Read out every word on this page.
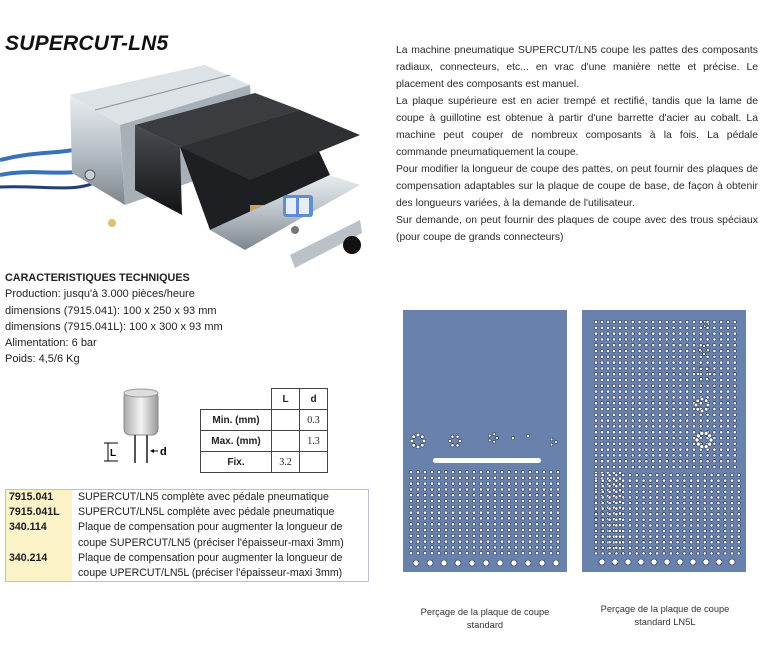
SUPERCUT-LN5	La machine pneumatique SUPERCUT/LN5 coupe les pattes des composants radiaux, connecteurs, etc... en vrac d'une manière nette et précise. Le placement des composants est manuel.

La plaque supérieure est en acier trempé et rectifié, tandis que la lame de coupe à guillotine est obtenue à partir d'une barrette d'acier au cobalt. La machine peut couper de nombreux composants à la fois. La pédale commande pneumatiquement la coupe.

Pour modifier la longueur de coupe des pattes, on peut fournir des plaques de compensation adaptables sur la plaque de coupe de base, de façon à obtenir des longueurs variées, à la demande de l'utilisateur.

Sur demande, on peut fournir des plaques de coupe avec des trous spéciaux (pour coupe de grands connecteurs)

CARACTERISTIQUES TECHNIQUES
Production: jusqu'à 3.000 pièces/heure
dimensions (7915.041): 100 x 250 x 93 mm
dimensions (7915.041L): 100 x 300 x 93 mm
Alimentation: 6 bar
Poids: 4,5/6 Kg
L	d
	L	d
Min. (mm)		0.3
Max. (mm)		1.3
Fix.	3.2	
7915.041	SUPERCUT/LN5 complète avec pédale pneumatique
7915.041L	SUPERCUT/LN5L complète avec pédale pneumatique
340.114	Plaque de compensation pour augmenter la longueur de coupe SUPERCUT/LN5 (préciser l'épaisseur-maxi 3mm)
340.214	Plaque de compensation pour augmenter la longueur de coupe UPERCUT/LN5L (préciser l'épaisseur-maxi 3mm)
Perçage de la plaque de coupe standard
Perçage de la plaque de coupe standard LN5L
